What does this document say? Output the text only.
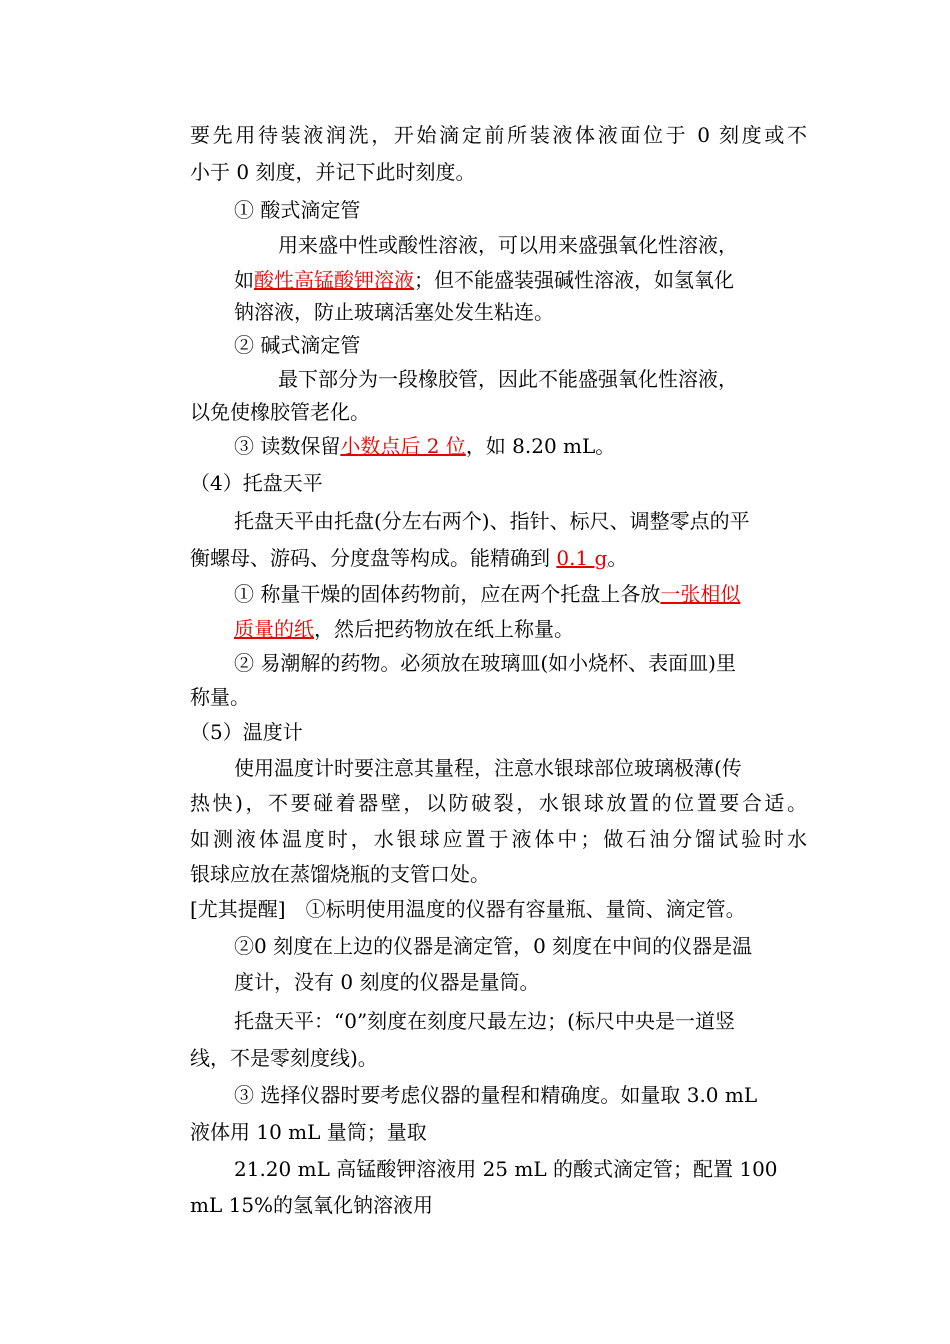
要先用待装液润洗，开始滴定前所装液体液面位于 0 刻度或不
小于 0 刻度，并记下此时刻度。
① 酸式滴定管
用来盛中性或酸性溶液，可以用来盛强氧化性溶液，
如酸性高锰酸钾溶液；但不能盛装强碱性溶液，如氢氧化
钠溶液，防止玻璃活塞处发生粘连。
② 碱式滴定管
最下部分为一段橡胶管，因此不能盛强氧化性溶液，
以免使橡胶管老化。
③ 读数保留小数点后 2 位，如 8.20 mL。
（4）托盘天平
托盘天平由托盘(分左右两个)、指针、标尺、调整零点的平
衡螺母、游码、分度盘等构成。能精确到 0.1 g。
① 称量干燥的固体药物前，应在两个托盘上各放一张相似
质量的纸，然后把药物放在纸上称量。
② 易潮解的药物。必须放在玻璃皿(如小烧杯、表面皿)里
称量。
（5）温度计
使用温度计时要注意其量程，注意水银球部位玻璃极薄(传
热快)，不要碰着器壁，以防破裂，水银球放置的位置要合适。
如测液体温度时，水银球应置于液体中；做石油分馏试验时水
银球应放在蒸馏烧瓶的支管口处。
[尤其提醒]　①标明使用温度的仪器有容量瓶、量筒、滴定管。
②0 刻度在上边的仪器是滴定管，0 刻度在中间的仪器是温
度计，没有 0 刻度的仪器是量筒。
托盘天平：“0”刻度在刻度尺最左边；(标尺中央是一道竖
线，不是零刻度线)。
③ 选择仪器时要考虑仪器的量程和精确度。如量取 3.0 mL
液体用 10 mL 量筒；量取
21.20 mL 高锰酸钾溶液用 25 mL 的酸式滴定管；配置 100
mL 15%的氢氧化钠溶液用
